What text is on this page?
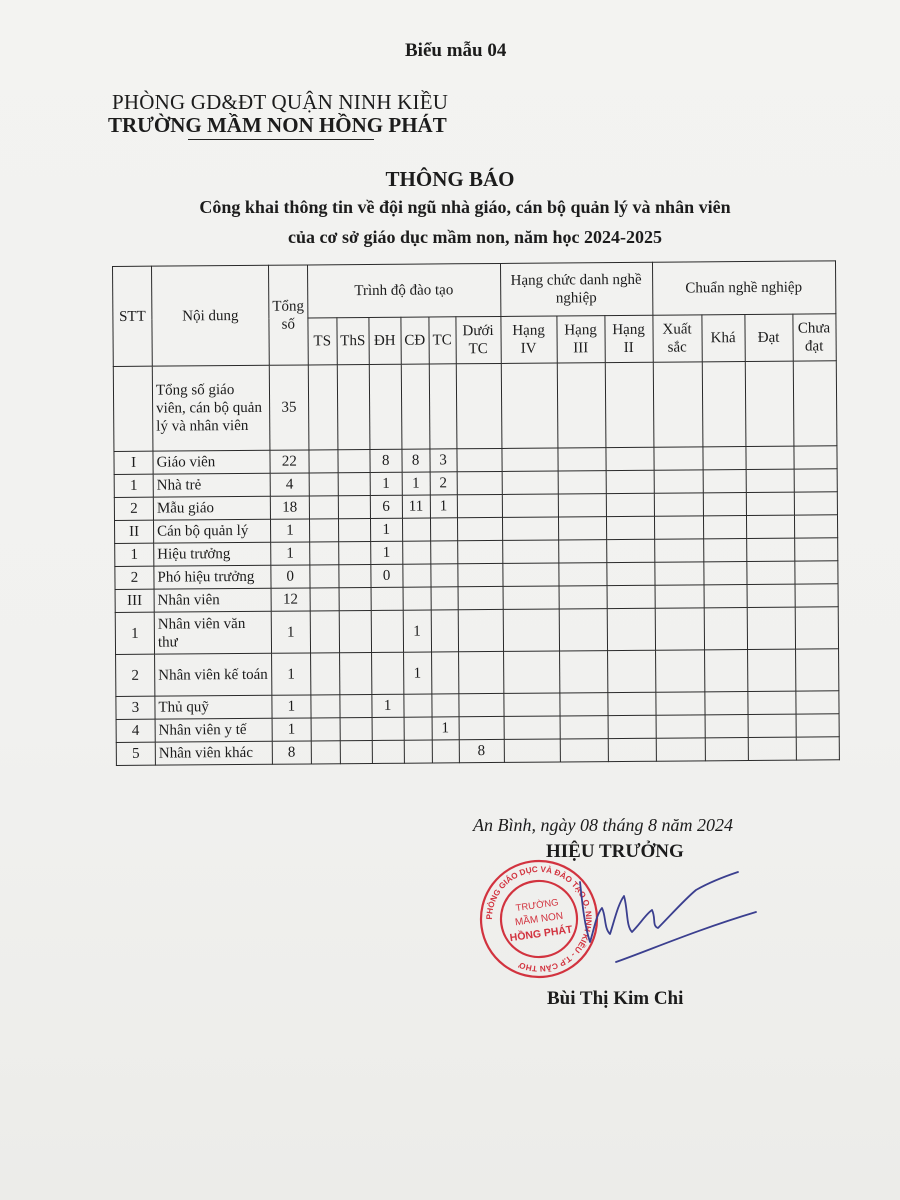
Biểu mẫu 04

PHÒNG GD&ĐT QUẬN NINH KIỀU

TRƯỜNG MẦM NON HỒNG PHÁT

THÔNG BÁO

Công khai thông tin về đội ngũ nhà giáo, cán bộ quản lý và nhân viên

của cơ sở giáo dục mầm non, năm học 2024-2025

STT	Nội dung	Tổng số	Trình độ đào tạo						Hạng chức danh nghề nghiệp			Chuẩn nghề nghiệp			
			TS	ThS	ĐH	CĐ	TC	Dưới TC	Hạng IV	Hạng III	Hạng II	Xuất sắc	Khá	Đạt	Chưa đạt
	Tổng số giáo viên, cán bộ quản lý và nhân viên	35													
I	Giáo viên	22			8	8	3								
1	Nhà trẻ	4			1	1	2								
2	Mẫu giáo	18			6	11	1								
II	Cán bộ quản lý	1			1										
1	Hiệu trưởng	1			1										
2	Phó hiệu trưởng	0			0										
III	Nhân viên	12													
1	Nhân viên văn thư	1				1									
2	Nhân viên kế toán	1				1									
3	Thủ quỹ	1			1										
4	Nhân viên y tế	1					1								
5	Nhân viên khác	8						8							

An Bình, ngày 08 tháng 8 năm 2024

HIỆU TRƯỞNG

PHÒNG GIÁO DỤC VÀ ĐÀO TẠO Q. NINH KIỀU - T.P CẦN THƠ
TRƯỜNG
MẦM NON
HỒNG PHÁT

Bùi Thị Kim Chi
